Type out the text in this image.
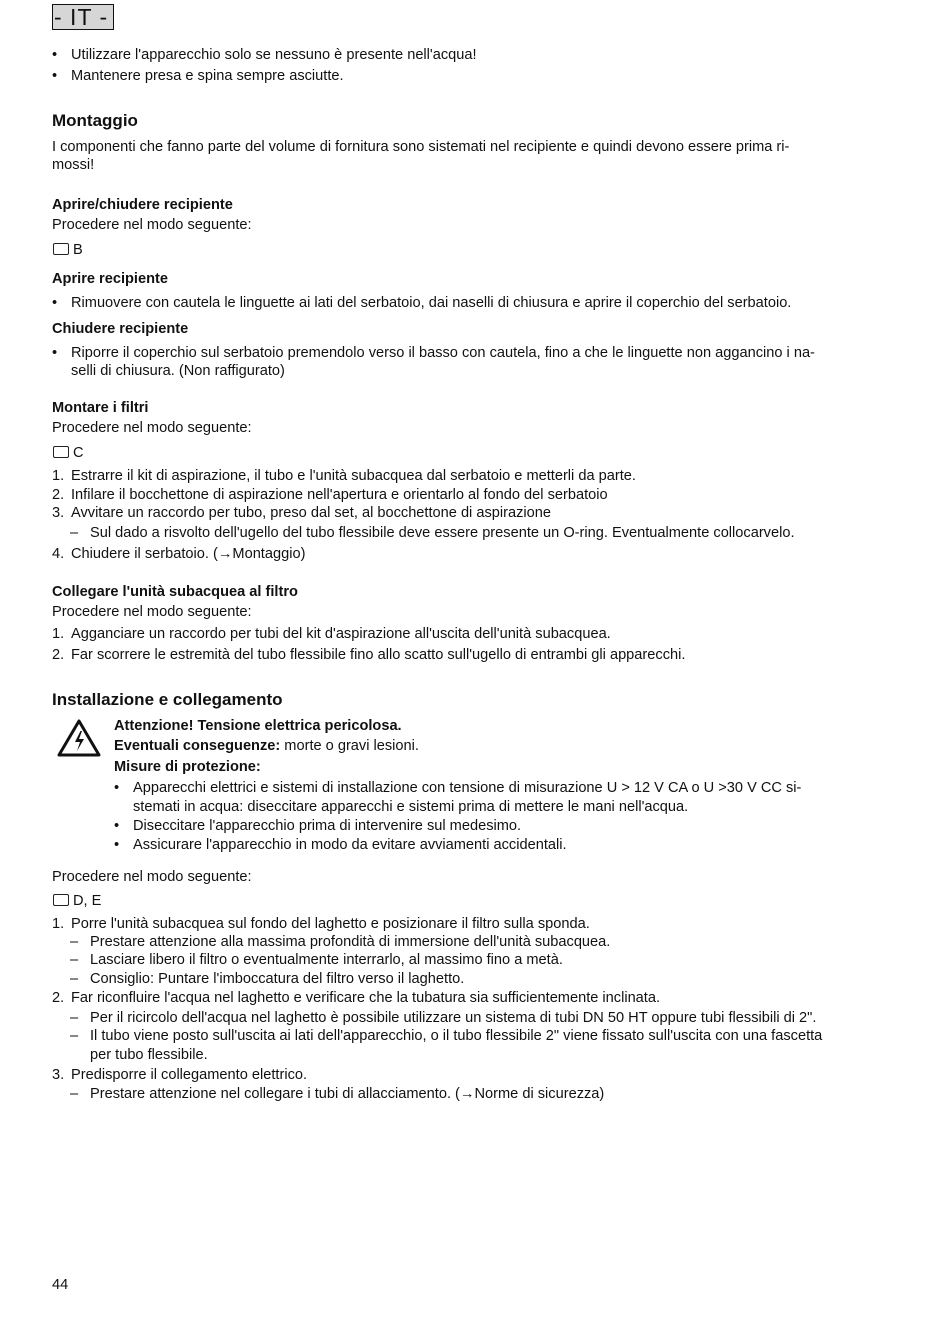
- IT -
• Utilizzare l'apparecchio solo se nessuno è presente nell'acqua!
• Mantenere presa e spina sempre asciutte.
Montaggio
I componenti che fanno parte del volume di fornitura sono sistemati nel recipiente e quindi devono essere prima ri-
mossi!
Aprire/chiudere recipiente
Procedere nel modo seguente:
B
Aprire recipiente
• Rimuovere con cautela le linguette ai lati del serbatoio, dai naselli di chiusura e aprire il coperchio del serbatoio.
Chiudere recipiente
• Riporre il coperchio sul serbatoio premendolo verso il basso con cautela, fino a che le linguette non aggancino i na-
selli di chiusura. (Non raffigurato)
Montare i filtri
Procedere nel modo seguente:
C
1. Estrarre il kit di aspirazione, il tubo e l'unità subacquea dal serbatoio e metterli da parte.
2. Infilare il bocchettone di aspirazione nell'apertura e orientarlo al fondo del serbatoio
3. Avvitare un raccordo per tubo, preso dal set, al bocchettone di aspirazione
– Sul dado a risvolto dell'ugello del tubo flessibile deve essere presente un O-ring. Eventualmente collocarvelo.
4. Chiudere il serbatoio. (→Montaggio)
Collegare l'unità subacquea al filtro
Procedere nel modo seguente:
1. Agganciare un raccordo per tubi del kit d'aspirazione all'uscita dell'unità subacquea.
2. Far scorrere le estremità del tubo flessibile fino allo scatto sull'ugello di entrambi gli apparecchi.
Installazione e collegamento
Attenzione! Tensione elettrica pericolosa.
Eventuali conseguenze: morte o gravi lesioni.
Misure di protezione:
• Apparecchi elettrici e sistemi di installazione con tensione di misurazione U > 12 V CA o U >30 V CC si-
stemati in acqua: diseccitare apparecchi e sistemi prima di mettere le mani nell'acqua.
• Diseccitare l'apparecchio prima di intervenire sul medesimo.
• Assicurare l'apparecchio in modo da evitare avviamenti accidentali.
Procedere nel modo seguente:
D, E
1. Porre l'unità subacquea sul fondo del laghetto e posizionare il filtro sulla sponda.
– Prestare attenzione alla massima profondità di immersione dell'unità subacquea.
– Lasciare libero il filtro o eventualmente interrarlo, al massimo fino a metà.
– Consiglio: Puntare l'imboccatura del filtro verso il laghetto.
2. Far riconfluire l'acqua nel laghetto e verificare che la tubatura sia sufficientemente inclinata.
– Per il ricircolo dell'acqua nel laghetto è possibile utilizzare un sistema di tubi DN 50 HT oppure tubi flessibili di 2".
– Il tubo viene posto sull'uscita ai lati dell'apparecchio, o il tubo flessibile 2" viene fissato sull'uscita con una fascetta
per tubo flessibile.
3. Predisporre il collegamento elettrico.
– Prestare attenzione nel collegare i tubi di allacciamento. (→Norme di sicurezza)
44
